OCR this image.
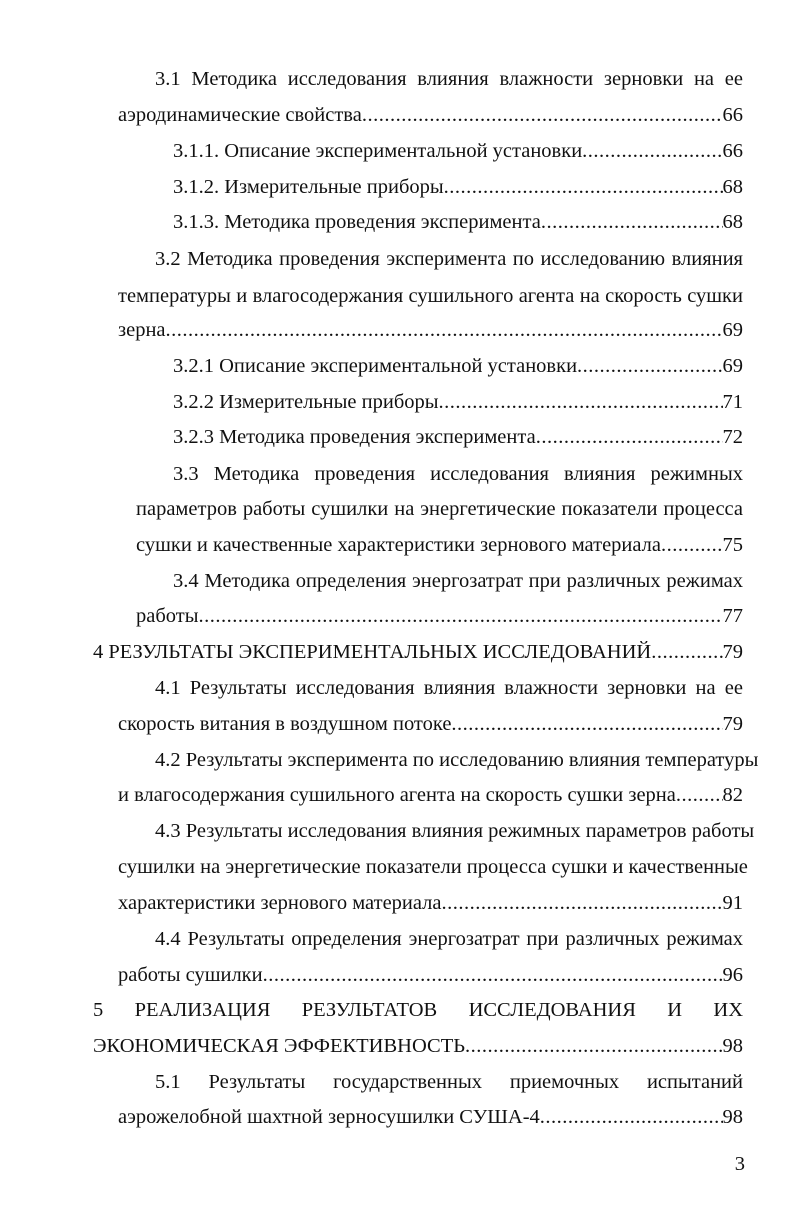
3.1 Методика исследования влияния влажности зерновки на ее
аэродинамические свойства .....	66
3.1.1. Описание экспериментальной установки .....	66
3.1.2. Измерительные приборы .....	68
3.1.3. Методика проведения эксперимента .....	68
3.2 Методика проведения эксперимента по исследованию влияния
температуры и влагосодержания сушильного агента на скорость сушки
зерна .....	69
3.2.1 Описание экспериментальной установки .....	69
3.2.2 Измерительные приборы .....	71
3.2.3 Методика проведения эксперимента .....	72
3.3 Методика проведения исследования влияния режимных
параметров работы сушилки на энергетические показатели процесса
сушки и качественные характеристики зернового материала .....	75
3.4 Методика определения энергозатрат при различных режимах
работы .....	77
4 РЕЗУЛЬТАТЫ ЭКСПЕРИМЕНТАЛЬНЫХ ИССЛЕДОВАНИЙ .....	79
4.1 Результаты исследования влияния влажности зерновки на ее
скорость витания в воздушном потоке .....	79
4.2 Результаты эксперимента по исследованию влияния температуры
и влагосодержания сушильного агента на скорость сушки зерна ..... 82
4.3 Результаты исследования влияния режимных параметров работы
сушилки на энергетические показатели процесса сушки и качественные
характеристики зернового материала .....	91
4.4 Результаты определения энергозатрат при различных режимах
работы сушилки .....	96
5 РЕАЛИЗАЦИЯ РЕЗУЛЬТАТОВ ИССЛЕДОВАНИЯ И ИХ
ЭКОНОМИЧЕСКАЯ ЭФФЕКТИВНОСТЬ .....	98
5.1 Результаты государственных приемочных испытаний
аэрожелобной шахтной зерносушилки СУША-4 .....	98
3
